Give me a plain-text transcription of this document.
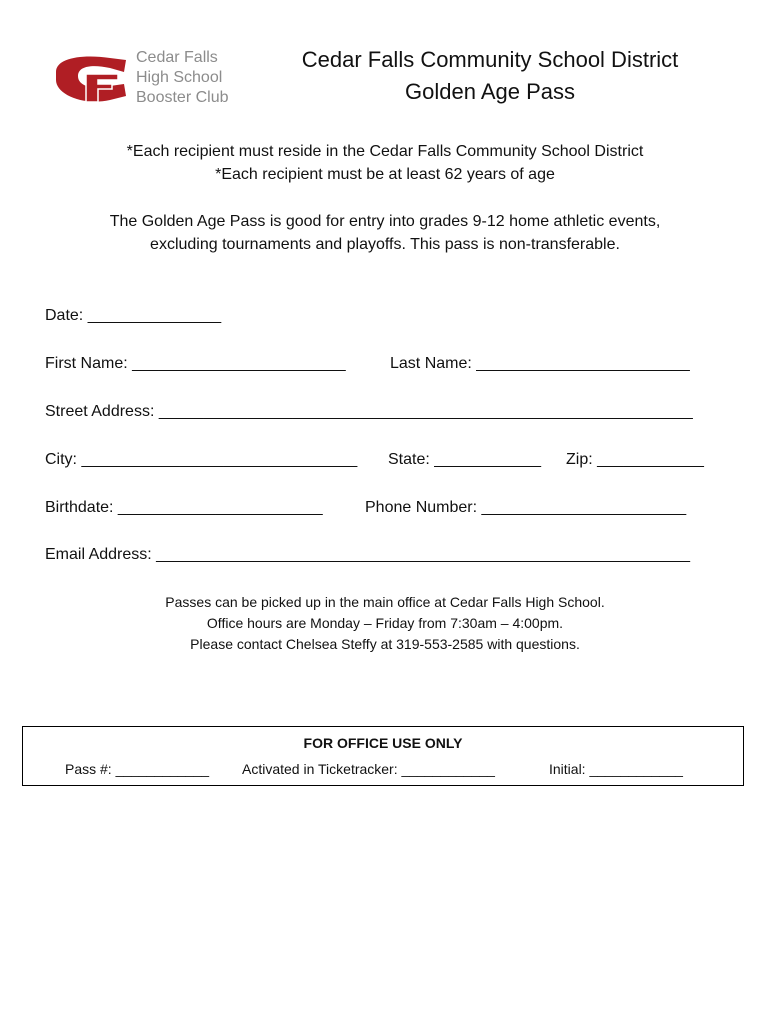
Cedar Falls
High School
Booster Club
Cedar Falls Community School District
Golden Age Pass
*Each recipient must reside in the Cedar Falls Community School District
*Each recipient must be at least 62 years of age
The Golden Age Pass is good for entry into grades 9-12 home athletic events,
excluding tournaments and playoffs. This pass is non-transferable.
Date: _______________
First Name: ________________________	Last Name: ________________________
Street Address: ____________________________________________________________
City: _______________________________ State: ____________ Zip: ____________
Birthdate: _______________________	Phone Number: _______________________
Email Address: ____________________________________________________________
Passes can be picked up in the main office at Cedar Falls High School.
Office hours are Monday – Friday from 7:30am – 4:00pm.
Please contact Chelsea Steffy at 319-553-2585 with questions.
FOR OFFICE USE ONLY
Pass #: ____________ Activated in Ticketracker: ____________	Initial: ____________
